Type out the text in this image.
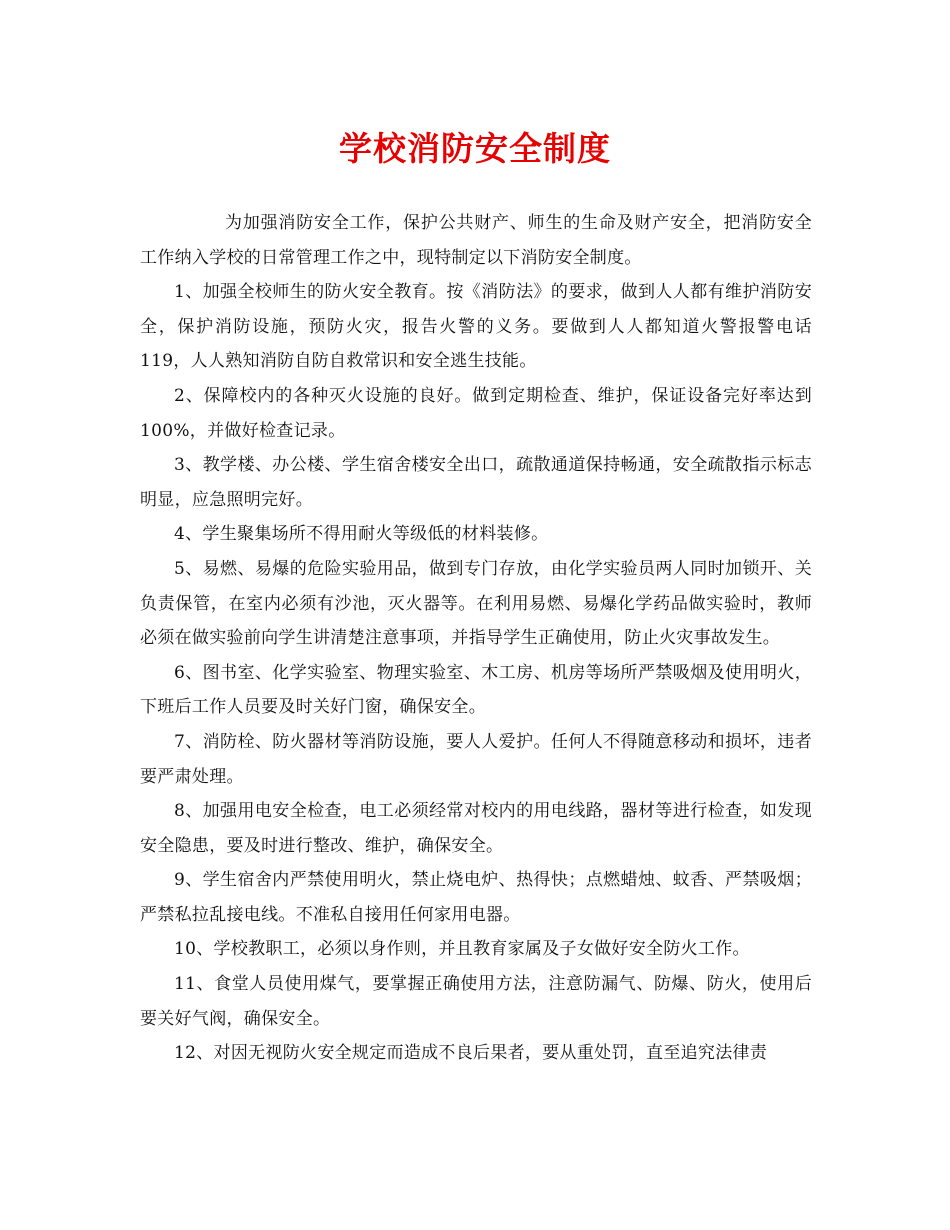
学校消防安全制度

为加强消防安全工作，保护公共财产、师生的生命及财产安全，把消防安全工作纳入学校的日常管理工作之中，现特制定以下消防安全制度。

1、加强全校师生的防火安全教育。按《消防法》的要求，做到人人都有维护消防安全，保护消防设施，预防火灾，报告火警的义务。要做到人人都知道火警报警电话119，人人熟知消防自防自救常识和安全逃生技能。

2、保障校内的各种灭火设施的良好。做到定期检查、维护，保证设备完好率达到100%，并做好检查记录。

3、教学楼、办公楼、学生宿舍楼安全出口，疏散通道保持畅通，安全疏散指示标志明显，应急照明完好。

4、学生聚集场所不得用耐火等级低的材料装修。

5、易燃、易爆的危险实验用品，做到专门存放，由化学实验员两人同时加锁开、关负责保管，在室内必须有沙池，灭火器等。在利用易燃、易爆化学药品做实验时，教师必须在做实验前向学生讲清楚注意事项，并指导学生正确使用，防止火灾事故发生。

6、图书室、化学实验室、物理实验室、木工房、机房等场所严禁吸烟及使用明火，下班后工作人员要及时关好门窗，确保安全。

7、消防栓、防火器材等消防设施，要人人爱护。任何人不得随意移动和损坏，违者要严肃处理。

8、加强用电安全检查，电工必须经常对校内的用电线路，器材等进行检查，如发现安全隐患，要及时进行整改、维护，确保安全。

9、学生宿舍内严禁使用明火，禁止烧电炉、热得快；点燃蜡烛、蚊香、严禁吸烟；严禁私拉乱接电线。不准私自接用任何家用电器。

10、学校教职工，必须以身作则，并且教育家属及子女做好安全防火工作。

11、食堂人员使用煤气，要掌握正确使用方法，注意防漏气、防爆、防火，使用后要关好气阀，确保安全。

12、对因无视防火安全规定而造成不良后果者，要从重处罚，直至追究法律责
